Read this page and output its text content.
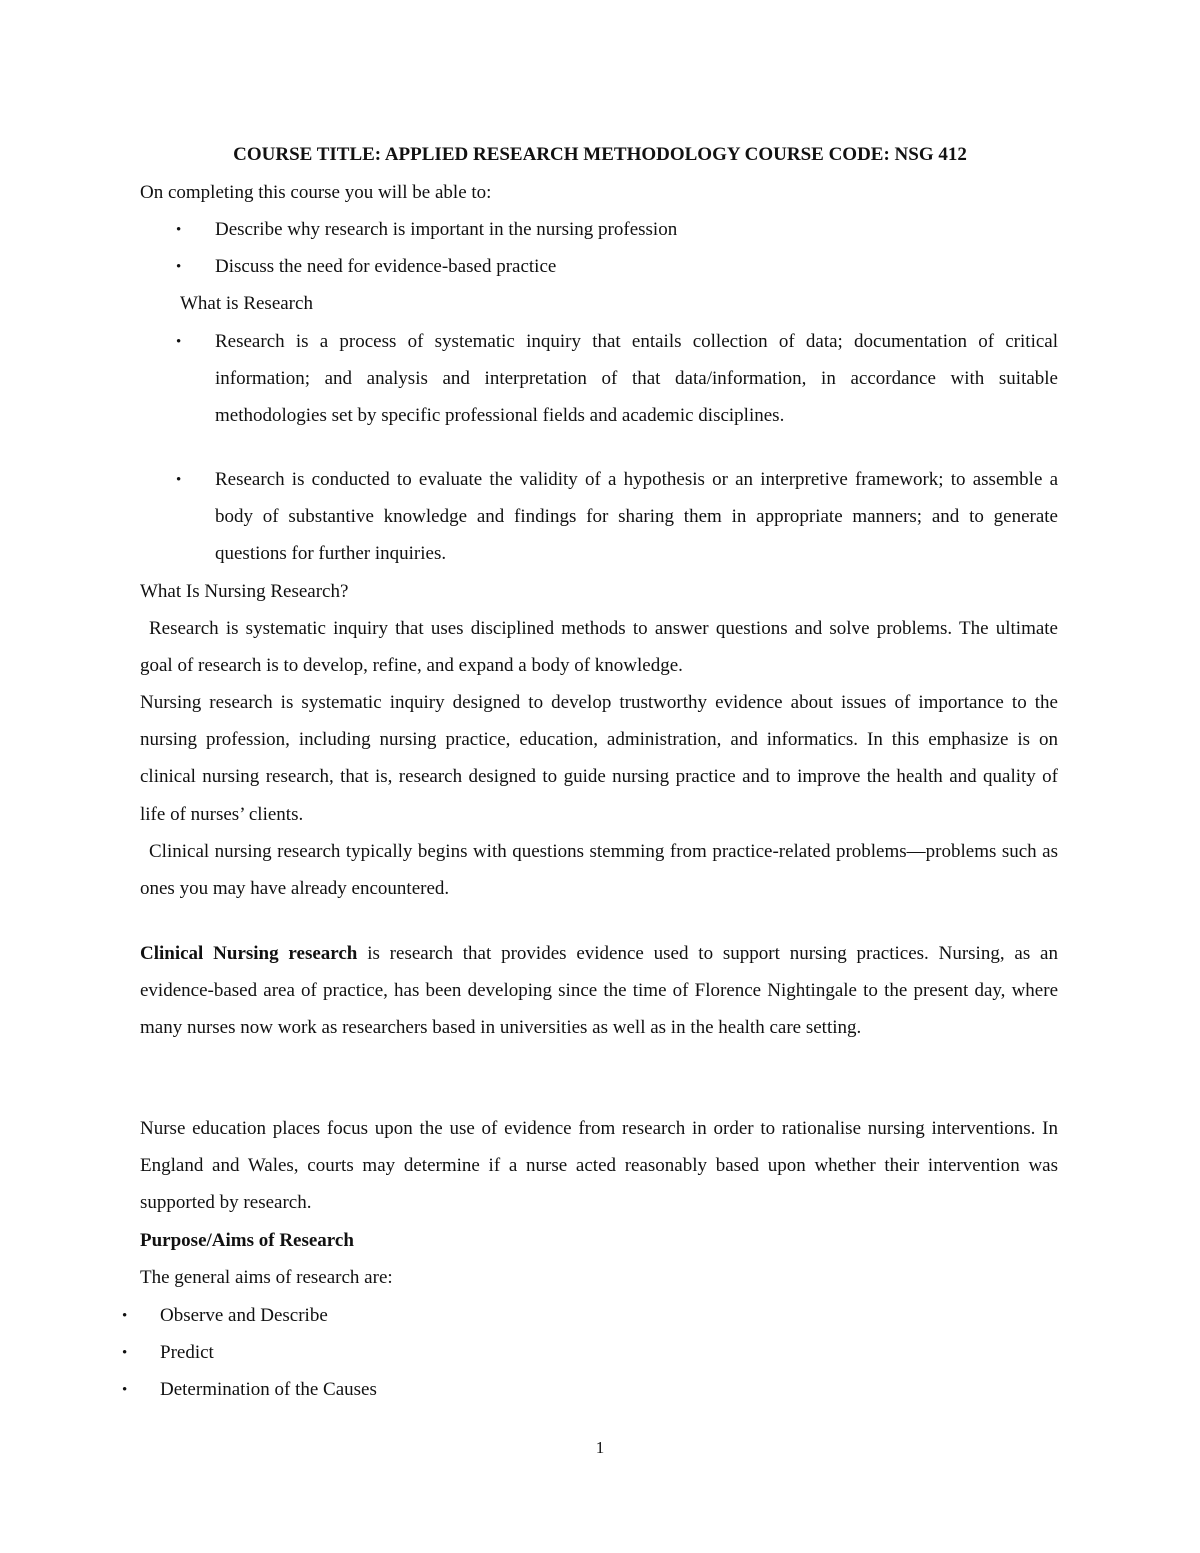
COURSE TITLE: APPLIED RESEARCH METHODOLOGY COURSE CODE: NSG 412
On completing this course you will be able to:
• Describe why research is important in the nursing profession
• Discuss the need for evidence-based practice
What is Research
• Research is a process of systematic inquiry that entails collection of data; documentation of critical information; and analysis and interpretation of that data/information, in accordance with suitable methodologies set by specific professional fields and academic disciplines.
• Research is conducted to evaluate the validity of a hypothesis or an interpretive framework; to assemble a body of substantive knowledge and findings for sharing them in appropriate manners; and to generate questions for further inquiries.
What Is Nursing Research?
Research is systematic inquiry that uses disciplined methods to answer questions and solve problems. The ultimate goal of research is to develop, refine, and expand a body of knowledge.
Nursing research is systematic inquiry designed to develop trustworthy evidence about issues of importance to the nursing profession, including nursing practice, education, administration, and informatics. In this emphasize is on clinical nursing research, that is, research designed to guide nursing practice and to improve the health and quality of life of nurses’ clients.
Clinical nursing research typically begins with questions stemming from practice-related problems—problems such as ones you may have already encountered.
Clinical Nursing research is research that provides evidence used to support nursing practices. Nursing, as an evidence-based area of practice, has been developing since the time of Florence Nightingale to the present day, where many nurses now work as researchers based in universities as well as in the health care setting.
Nurse education places focus upon the use of evidence from research in order to rationalise nursing interventions. In England and Wales, courts may determine if a nurse acted reasonably based upon whether their intervention was supported by research.
Purpose/Aims of Research
The general aims of research are:
• Observe and Describe
• Predict
• Determination of the Causes
1
